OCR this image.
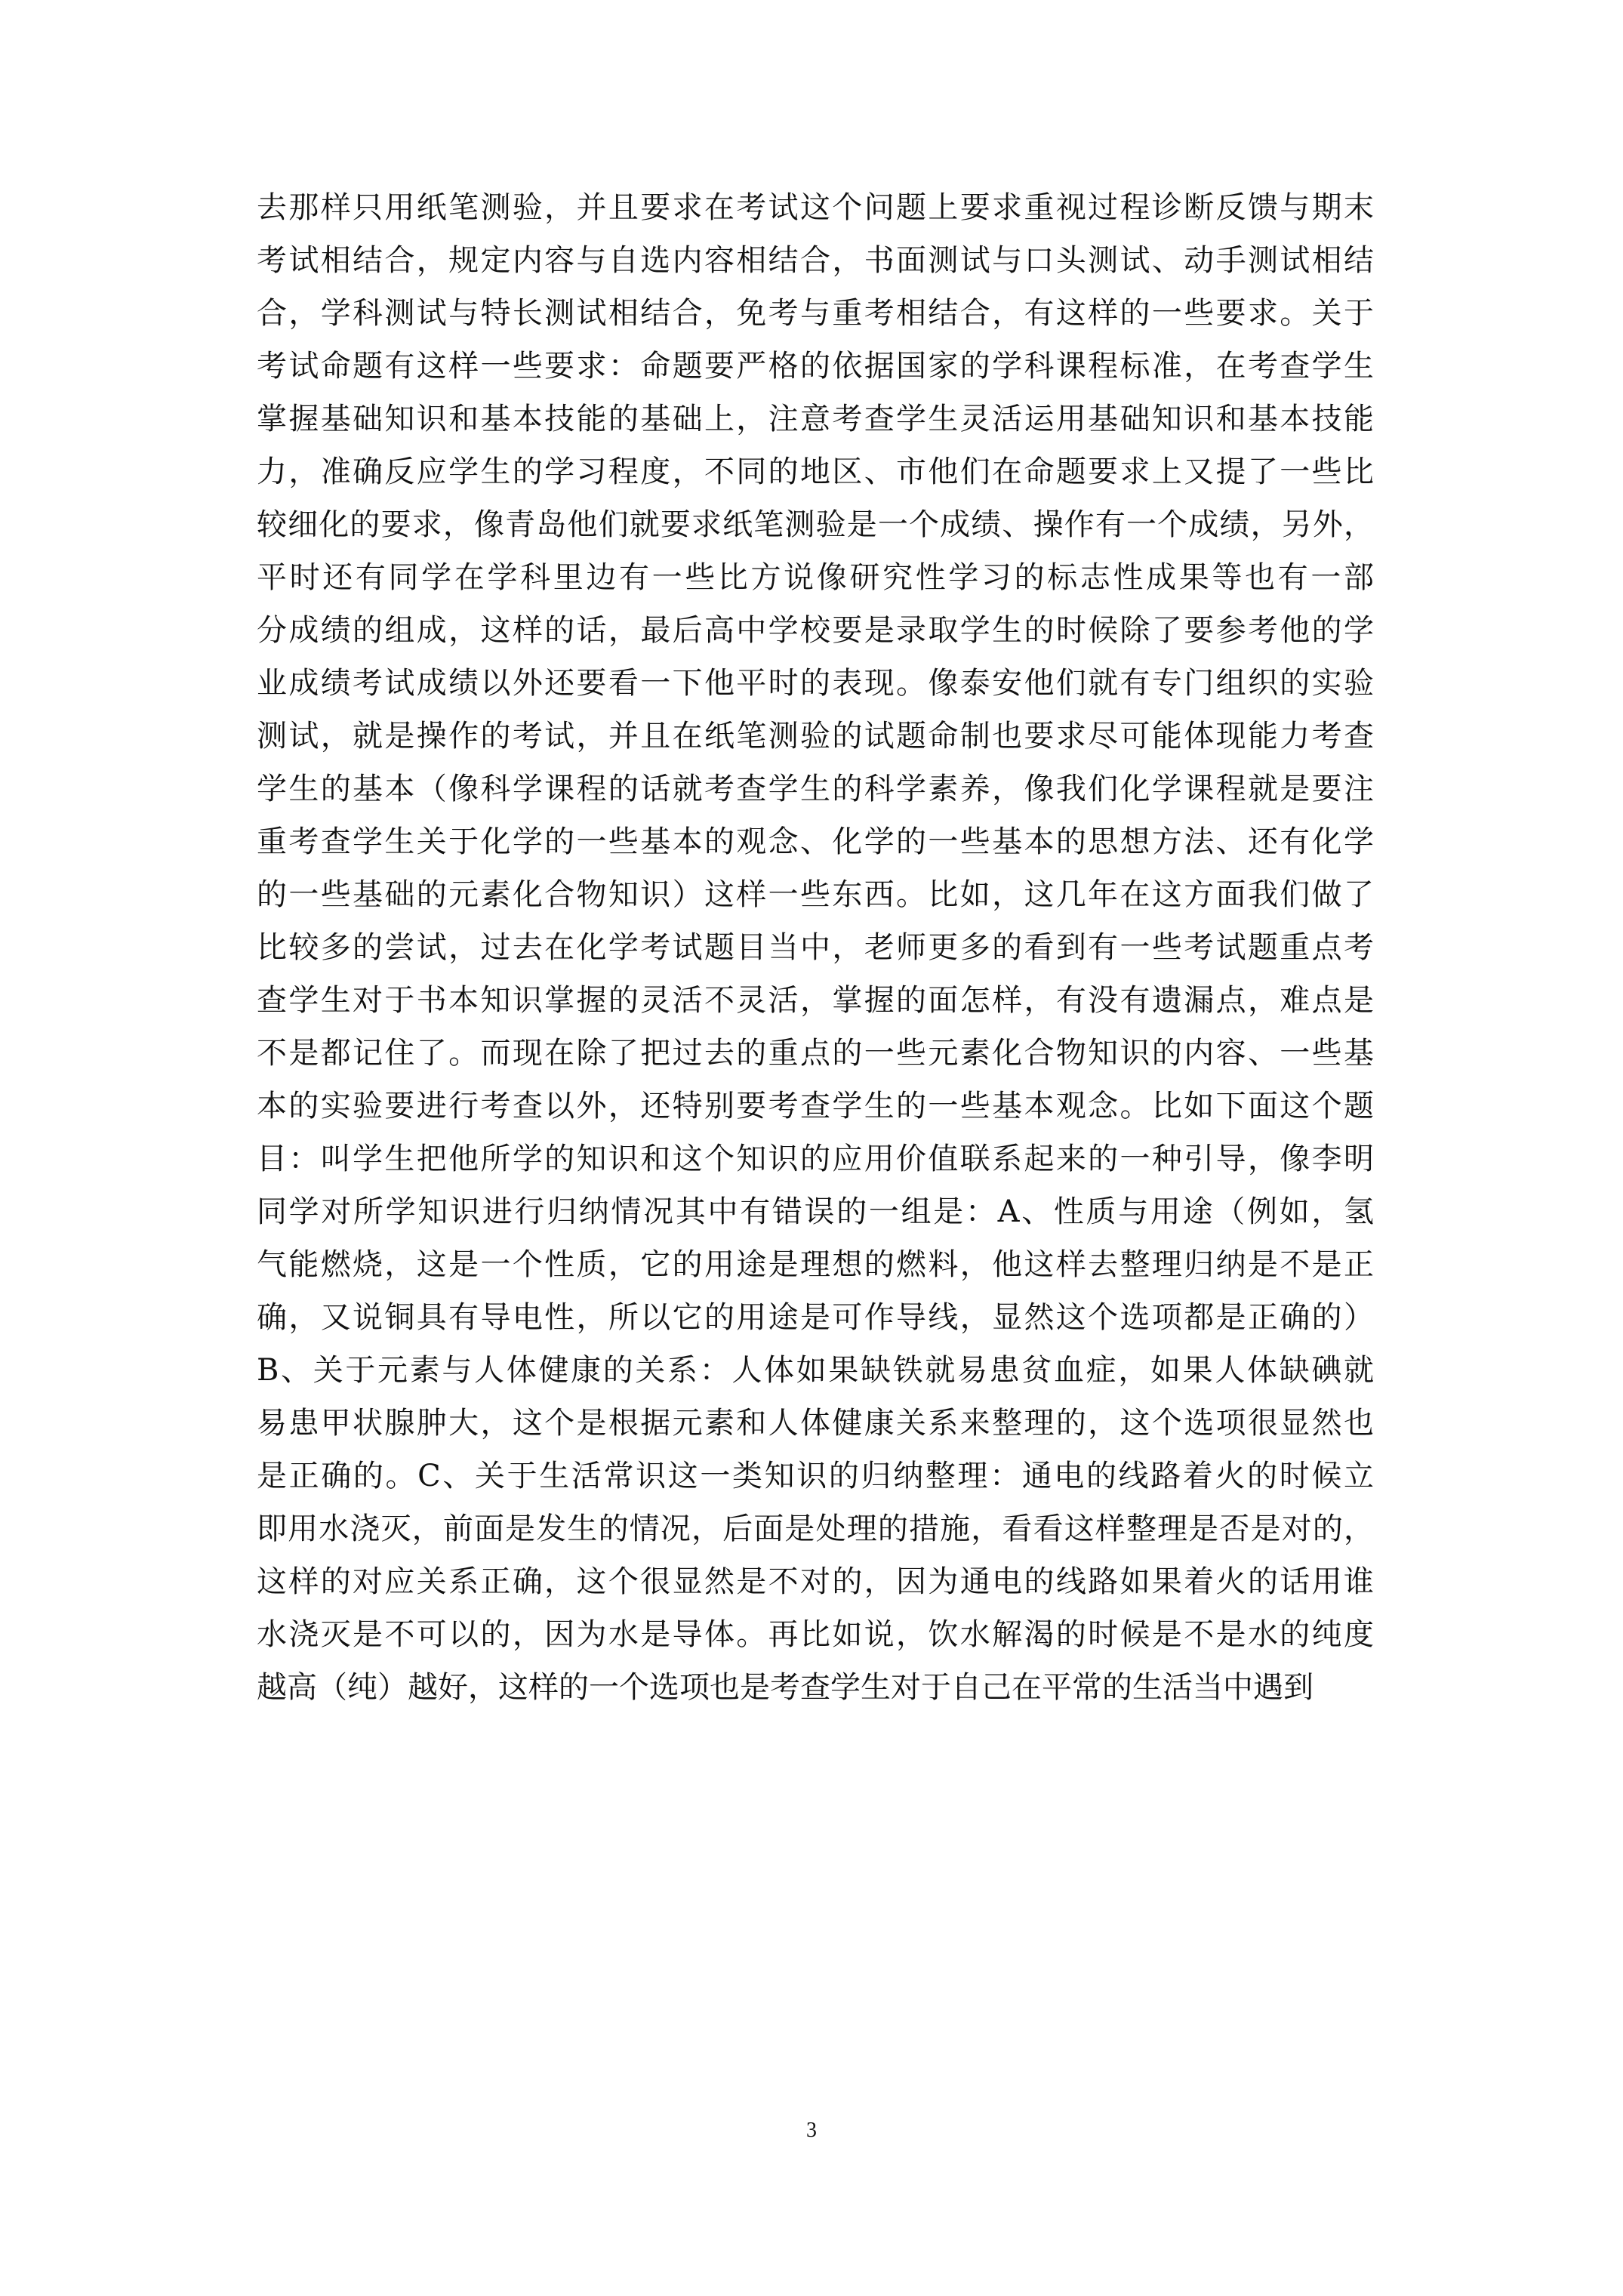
去那样只用纸笔测验，并且要求在考试这个问题上要求重视过程诊断反馈与期末
考试相结合，规定内容与自选内容相结合，书面测试与口头测试、动手测试相结
合，学科测试与特长测试相结合，免考与重考相结合，有这样的一些要求。关于
考试命题有这样一些要求：命题要严格的依据国家的学科课程标准，在考查学生
掌握基础知识和基本技能的基础上，注意考查学生灵活运用基础知识和基本技能
力，准确反应学生的学习程度，不同的地区、市他们在命题要求上又提了一些比
较细化的要求，像青岛他们就要求纸笔测验是一个成绩、操作有一个成绩，另外，
平时还有同学在学科里边有一些比方说像研究性学习的标志性成果等也有一部
分成绩的组成，这样的话，最后高中学校要是录取学生的时候除了要参考他的学
业成绩考试成绩以外还要看一下他平时的表现。像泰安他们就有专门组织的实验
测试，就是操作的考试，并且在纸笔测验的试题命制也要求尽可能体现能力考查
学生的基本（像科学课程的话就考查学生的科学素养，像我们化学课程就是要注
重考查学生关于化学的一些基本的观念、化学的一些基本的思想方法、还有化学
的一些基础的元素化合物知识）这样一些东西。比如，这几年在这方面我们做了
比较多的尝试，过去在化学考试题目当中，老师更多的看到有一些考试题重点考
查学生对于书本知识掌握的灵活不灵活，掌握的面怎样，有没有遗漏点，难点是
不是都记住了。而现在除了把过去的重点的一些元素化合物知识的内容、一些基
本的实验要进行考查以外，还特别要考查学生的一些基本观念。比如下面这个题
目：叫学生把他所学的知识和这个知识的应用价值联系起来的一种引导，像李明
同学对所学知识进行归纳情况其中有错误的一组是：A、性质与用途（例如，氢
气能燃烧，这是一个性质，它的用途是理想的燃料，他这样去整理归纳是不是正
确，又说铜具有导电性，所以它的用途是可作导线，显然这个选项都是正确的）
B、关于元素与人体健康的关系：人体如果缺铁就易患贫血症，如果人体缺碘就
易患甲状腺肿大，这个是根据元素和人体健康关系来整理的，这个选项很显然也
是正确的。C、关于生活常识这一类知识的归纳整理：通电的线路着火的时候立
即用水浇灭，前面是发生的情况，后面是处理的措施，看看这样整理是否是对的，
这样的对应关系正确，这个很显然是不对的，因为通电的线路如果着火的话用谁
水浇灭是不可以的，因为水是导体。再比如说，饮水解渴的时候是不是水的纯度
越高（纯）越好，这样的一个选项也是考查学生对于自己在平常的生活当中遇到
3
